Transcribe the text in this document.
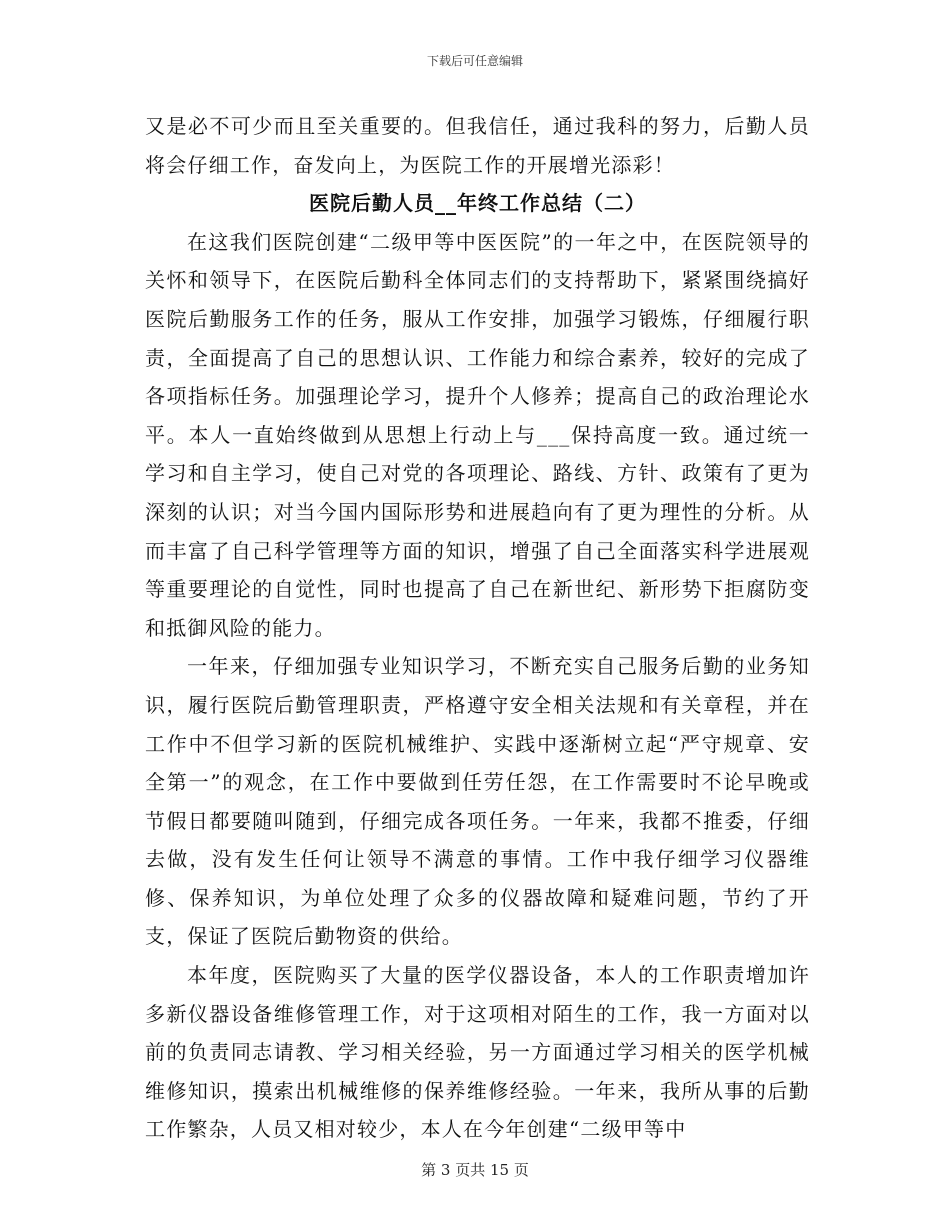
下载后可任意编辑

又是必不可少而且至关重要的。但我信任，通过我科的努力，后勤人员将会仔细工作，奋发向上，为医院工作的开展增光添彩！

医院后勤人员__年终工作总结（二）

在这我们医院创建“二级甲等中医医院”的一年之中，在医院领导的关怀和领导下，在医院后勤科全体同志们的支持帮助下，紧紧围绕搞好医院后勤服务工作的任务，服从工作安排，加强学习锻炼，仔细履行职责，全面提高了自己的思想认识、工作能力和综合素养，较好的完成了各项指标任务。加强理论学习，提升个人修养；提高自己的政治理论水平。本人一直始终做到从思想上行动上与___保持高度一致。通过统一学习和自主学习，使自己对党的各项理论、路线、方针、政策有了更为深刻的认识；对当今国内国际形势和进展趋向有了更为理性的分析。从而丰富了自己科学管理等方面的知识，增强了自己全面落实科学进展观等重要理论的自觉性，同时也提高了自己在新世纪、新形势下拒腐防变和抵御风险的能力。

一年来，仔细加强专业知识学习，不断充实自己服务后勤的业务知识，履行医院后勤管理职责，严格遵守安全相关法规和有关章程，并在工作中不但学习新的医院机械维护、实践中逐渐树立起“严守规章、安全第一”的观念，在工作中要做到任劳任怨，在工作需要时不论早晚或节假日都要随叫随到，仔细完成各项任务。一年来，我都不推委，仔细去做，没有发生任何让领导不满意的事情。工作中我仔细学习仪器维修、保养知识，为单位处理了众多的仪器故障和疑难问题，节约了开支，保证了医院后勤物资的供给。

本年度，医院购买了大量的医学仪器设备，本人的工作职责增加许多新仪器设备维修管理工作，对于这项相对陌生的工作，我一方面对以前的负责同志请教、学习相关经验，另一方面通过学习相关的医学机械维修知识，摸索出机械维修的保养维修经验。一年来，我所从事的后勤工作繁杂，人员又相对较少，本人在今年创建“二级甲等中

第 3 页共 15 页
